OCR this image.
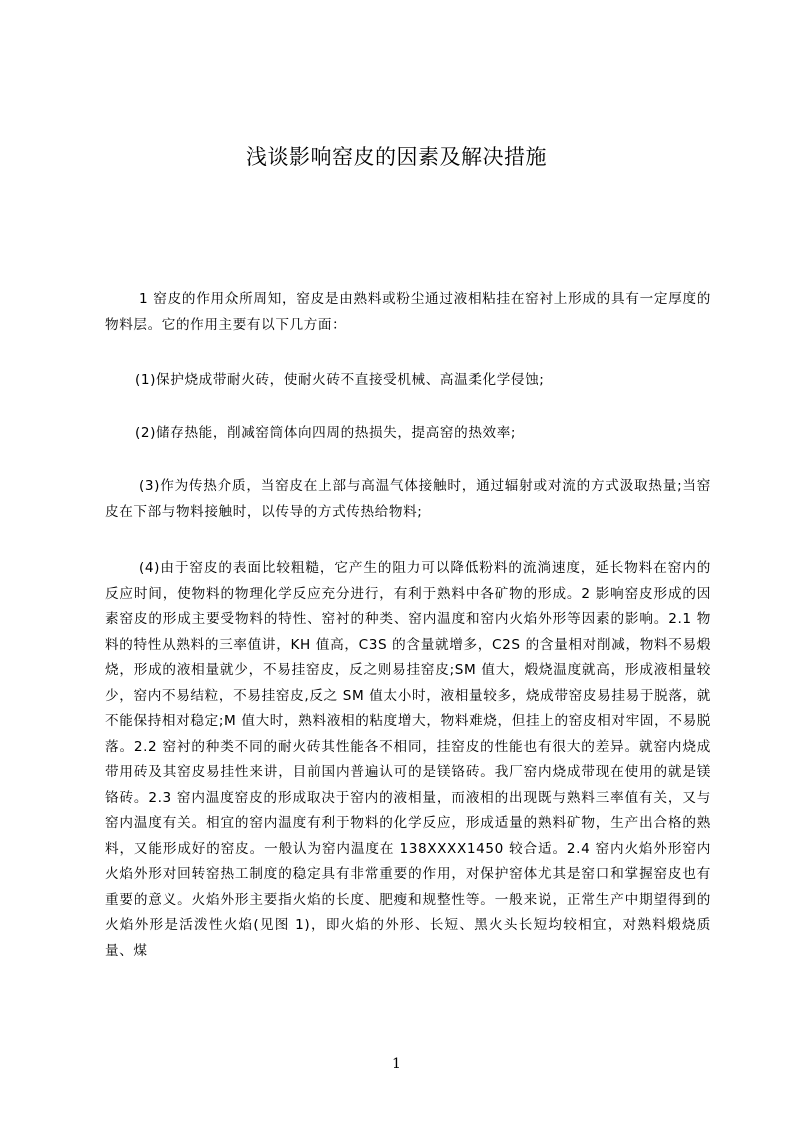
浅谈影响窑皮的因素及解决措施

1 窑皮的作用众所周知，窑皮是由熟料或粉尘通过液相粘挂在窑衬上形成的具有一定厚度的物料层。它的作用主要有以下几方面：

(1)保护烧成带耐火砖，使耐火砖不直接受机械、高温柔化学侵蚀;

(2)储存热能，削减窑筒体向四周的热损失，提高窑的热效率;

(3)作为传热介质，当窑皮在上部与高温气体接触时，通过辐射或对流的方式汲取热量;当窑皮在下部与物料接触时，以传导的方式传热给物料;

(4)由于窑皮的表面比较粗糙，它产生的阻力可以降低粉料的流淌速度，延长物料在窑内的反应时间，使物料的物理化学反应充分进行，有利于熟料中各矿物的形成。2 影响窑皮形成的因素窑皮的形成主要受物料的特性、窑衬的种类、窑内温度和窑内火焰外形等因素的影响。2.1 物料的特性从熟料的三率值讲，KH 值高，C3S 的含量就增多，C2S 的含量相对削减，物料不易煅烧，形成的液相量就少，不易挂窑皮，反之则易挂窑皮;SM 值大，煅烧温度就高，形成液相量较少，窑内不易结粒，不易挂窑皮,反之 SM 值太小时，液相量较多，烧成带窑皮易挂易于脱落，就不能保持相对稳定;M 值大时，熟料液相的粘度增大，物料难烧，但挂上的窑皮相对牢固，不易脱落。2.2 窑衬的种类不同的耐火砖其性能各不相同，挂窑皮的性能也有很大的差异。就窑内烧成带用砖及其窑皮易挂性来讲，目前国内普遍认可的是镁铬砖。我厂窑内烧成带现在使用的就是镁铬砖。2.3 窑内温度窑皮的形成取决于窑内的液相量，而液相的出现既与熟料三率值有关，又与窑内温度有关。相宜的窑内温度有利于物料的化学反应，形成适量的熟料矿物，生产出合格的熟料，又能形成好的窑皮。一般认为窑内温度在 138XXXX1450 较合适。2.4 窑内火焰外形窑内火焰外形对回转窑热工制度的稳定具有非常重要的作用，对保护窑体尤其是窑口和掌握窑皮也有重要的意义。火焰外形主要指火焰的长度、肥瘦和规整性等。一般来说，正常生产中期望得到的火焰外形是活泼性火焰(见图 1)，即火焰的外形、长短、黑火头长短均较相宜，对熟料煅烧质量、煤

1
